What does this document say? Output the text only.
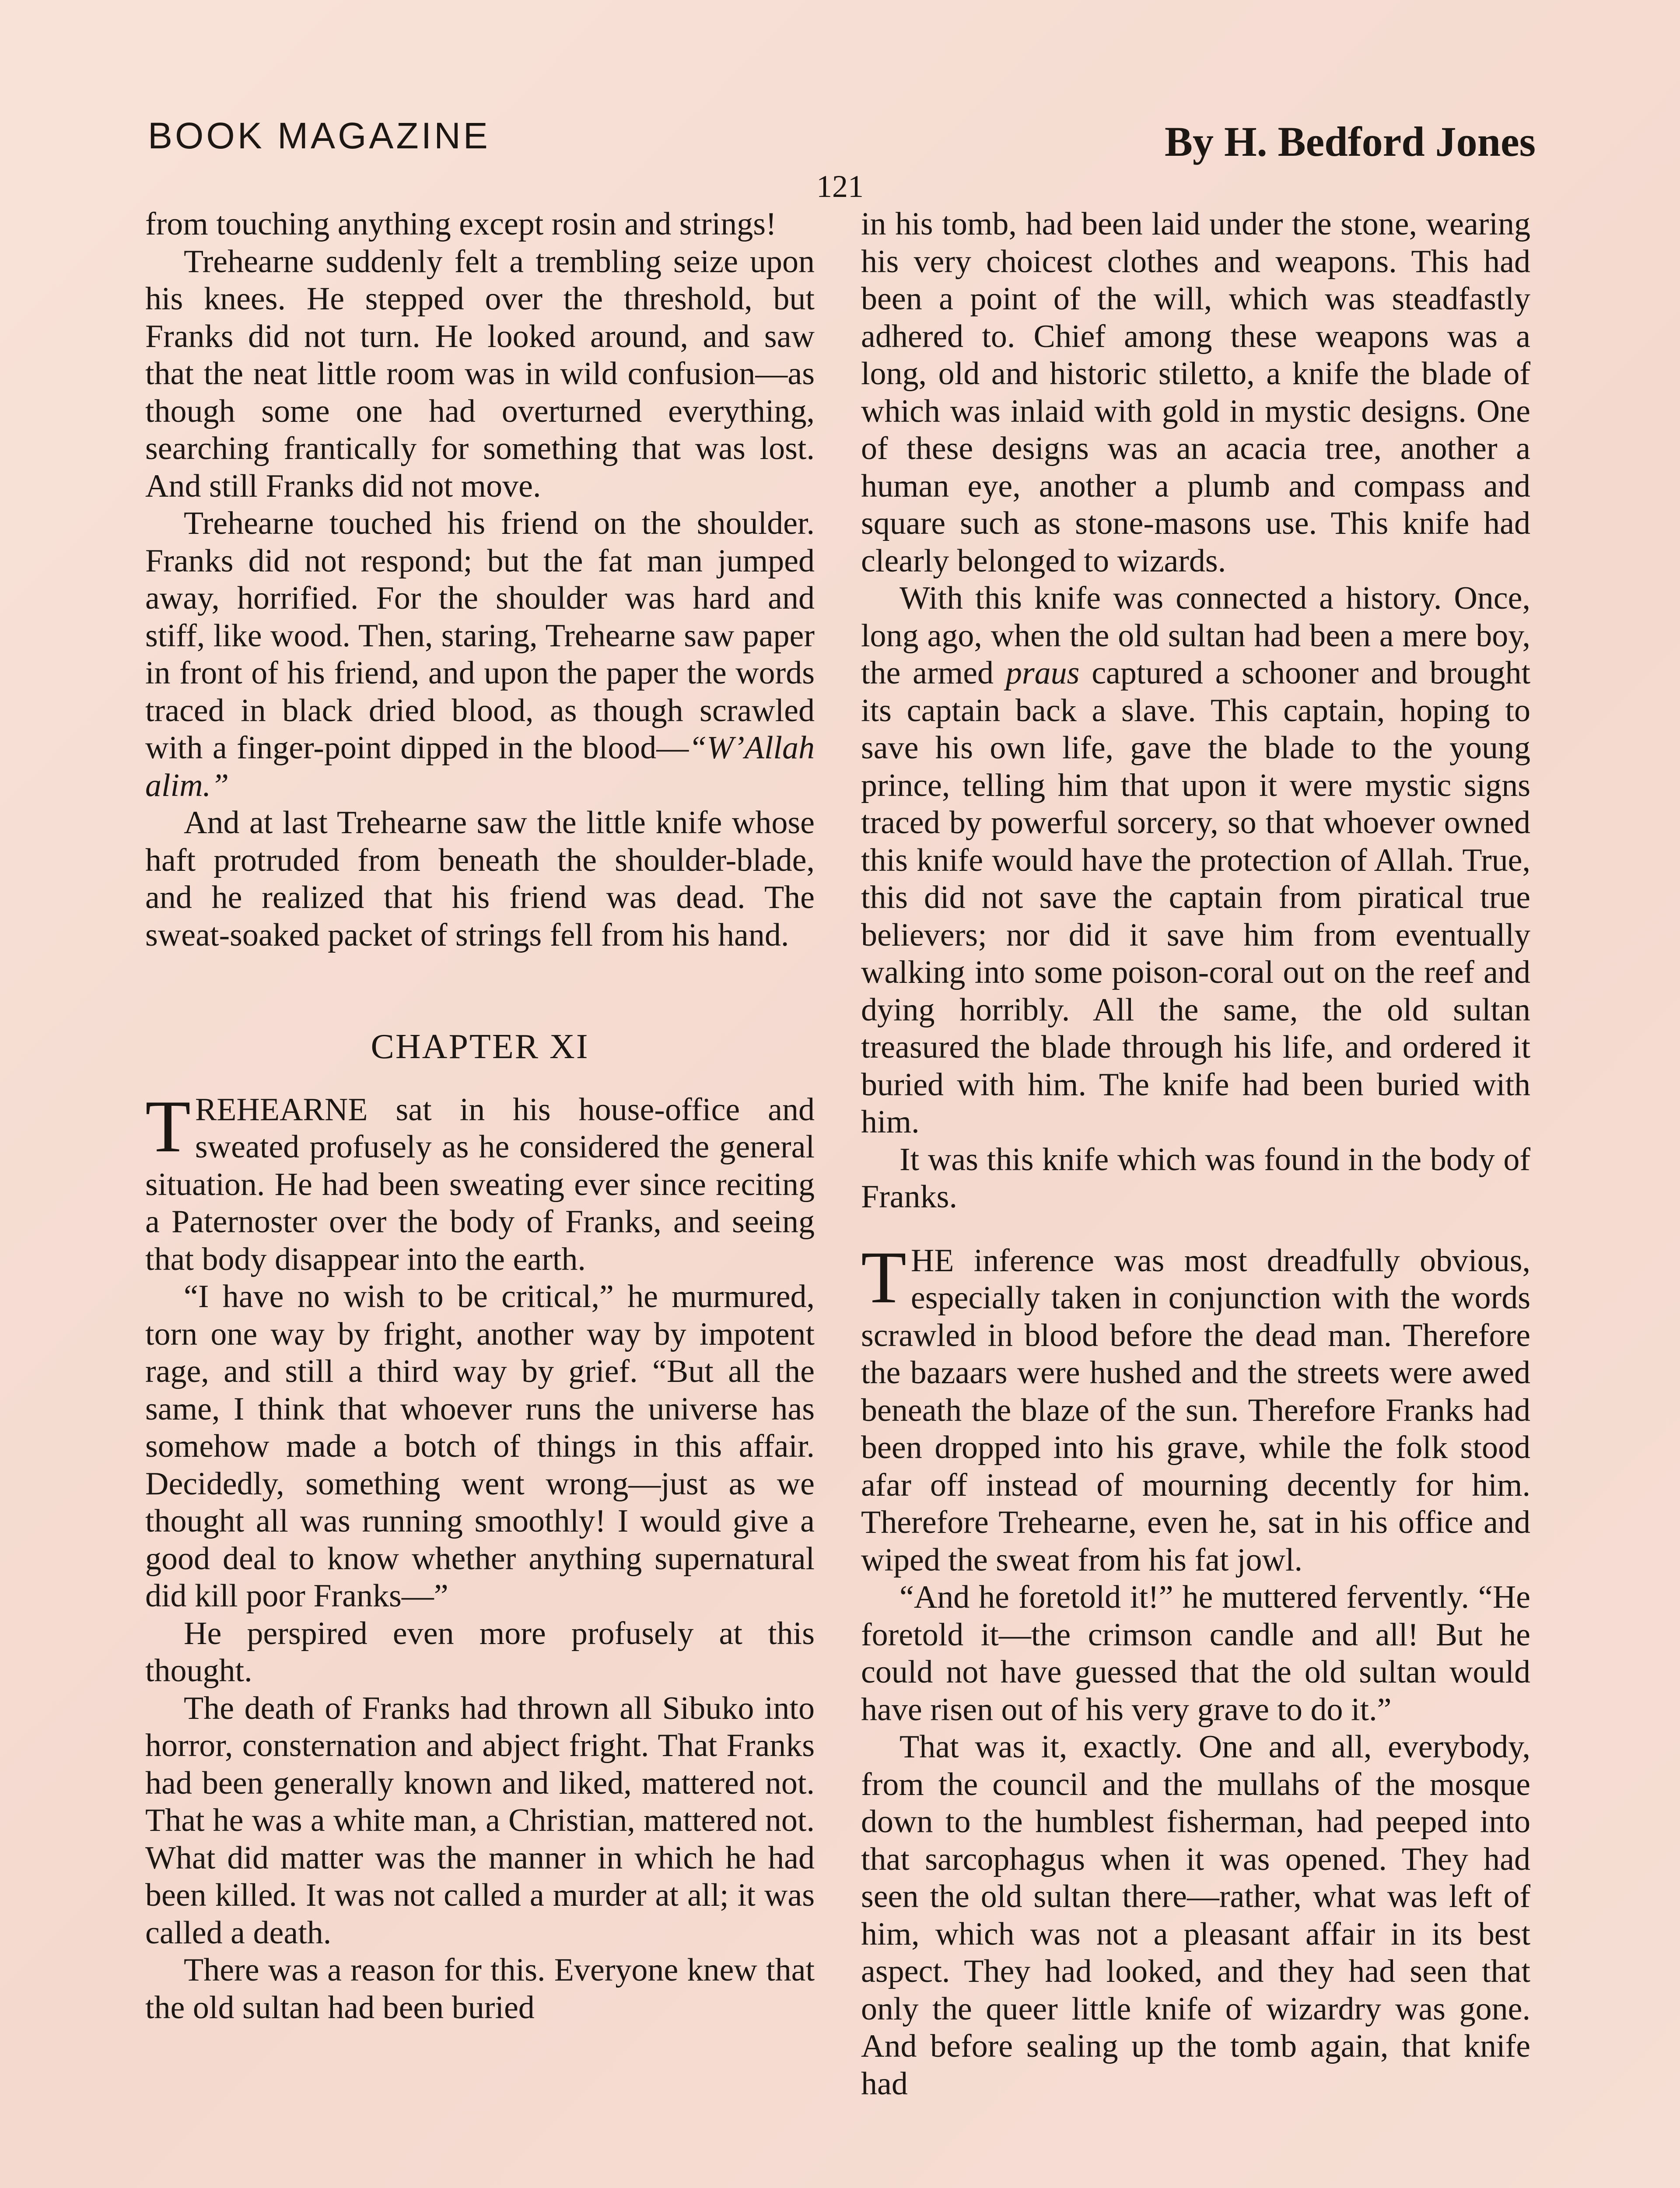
BOOK MAGAZINE	By H. Bedford Jones
121

from touching anything except rosin and strings!

Trehearne suddenly felt a trembling seize upon his knees. He stepped over the threshold, but Franks did not turn. He looked around, and saw that the neat little room was in wild confusion—as though some one had overturned everything, searching frantically for something that was lost. And still Franks did not move.

Trehearne touched his friend on the shoulder. Franks did not respond; but the fat man jumped away, horrified. For the shoulder was hard and stiff, like wood. Then, staring, Trehearne saw paper in front of his friend, and upon the paper the words traced in black dried blood, as though scrawled with a finger-point dipped in the blood—“W’Allah alim.”

And at last Trehearne saw the little knife whose haft protruded from beneath the shoulder-blade, and he realized that his friend was dead. The sweat-soaked packet of strings fell from his hand.

CHAPTER XI

TREHEARNE sat in his house-office and sweated profusely as he considered the general situation. He had been sweating ever since reciting a Paternoster over the body of Franks, and seeing that body disappear into the earth.

“I have no wish to be critical,” he murmured, torn one way by fright, another way by impotent rage, and still a third way by grief. “But all the same, I think that whoever runs the universe has somehow made a botch of things in this affair. Decidedly, something went wrong—just as we thought all was running smoothly! I would give a good deal to know whether anything supernatural did kill poor Franks—”

He perspired even more profusely at this thought.

The death of Franks had thrown all Sibuko into horror, consternation and abject fright. That Franks had been generally known and liked, mattered not. That he was a white man, a Christian, mattered not. What did matter was the manner in which he had been killed. It was not called a murder at all; it was called a death.

There was a reason for this. Everyone knew that the old sultan had been buried

in his tomb, had been laid under the stone, wearing his very choicest clothes and weapons. This had been a point of the will, which was steadfastly adhered to. Chief among these weapons was a long, old and historic stiletto, a knife the blade of which was inlaid with gold in mystic designs. One of these designs was an acacia tree, another a human eye, another a plumb and compass and square such as stone-masons use. This knife had clearly belonged to wizards.

With this knife was connected a history. Once, long ago, when the old sultan had been a mere boy, the armed praus captured a schooner and brought its captain back a slave. This captain, hoping to save his own life, gave the blade to the young prince, telling him that upon it were mystic signs traced by powerful sorcery, so that whoever owned this knife would have the protection of Allah. True, this did not save the captain from piratical true believers; nor did it save him from eventually walking into some poison-coral out on the reef and dying horribly. All the same, the old sultan treasured the blade through his life, and ordered it buried with him. The knife had been buried with him.

It was this knife which was found in the body of Franks.

THE inference was most dreadfully obvious, especially taken in conjunction with the words scrawled in blood before the dead man. Therefore the bazaars were hushed and the streets were awed beneath the blaze of the sun. Therefore Franks had been dropped into his grave, while the folk stood afar off instead of mourning decently for him. Therefore Trehearne, even he, sat in his office and wiped the sweat from his fat jowl.

“And he foretold it!” he muttered fervently. “He foretold it—the crimson candle and all! But he could not have guessed that the old sultan would have risen out of his very grave to do it.”

That was it, exactly. One and all, everybody, from the council and the mullahs of the mosque down to the humblest fisherman, had peeped into that sarcophagus when it was opened. They had seen the old sultan there—rather, what was left of him, which was not a pleasant affair in its best aspect. They had looked, and they had seen that only the queer little knife of wizardry was gone. And before sealing up the tomb again, that knife had
